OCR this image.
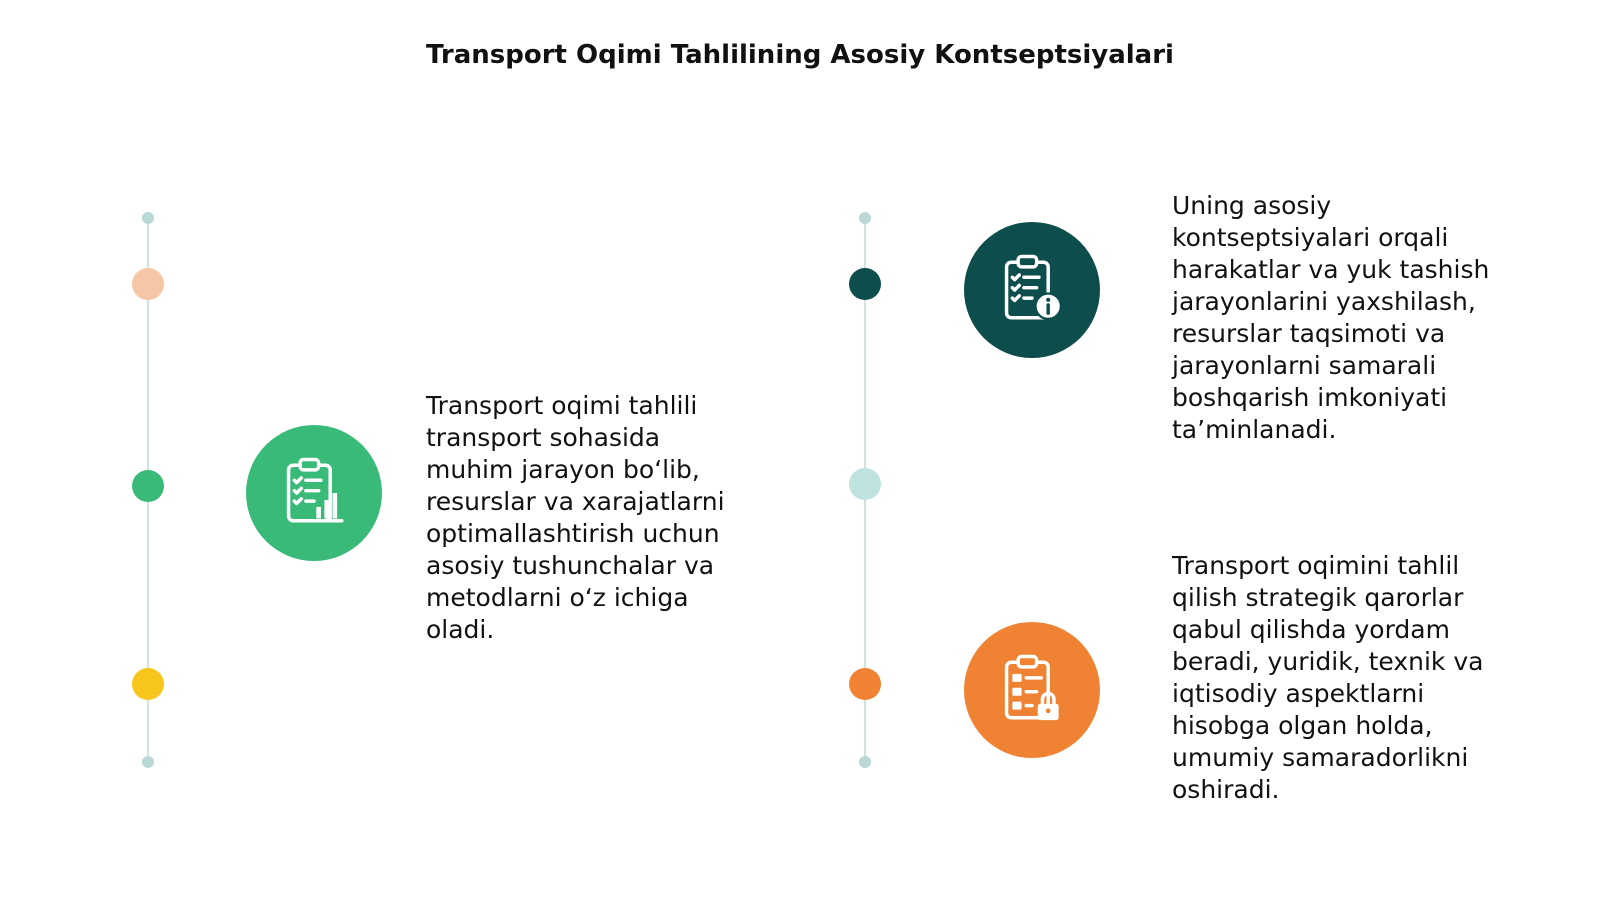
Transport Oqimi Tahlilining Asosiy Kontseptsiyalari
Transport oqimi tahlili
transport sohasida
muhim jarayon bo‘lib,
resurslar va xarajatlarni
optimallashtirish uchun
asosiy tushunchalar va
metodlarni o‘z ichiga
oladi.
Uning asosiy
kontseptsiyalari orqali
harakatlar va yuk tashish
jarayonlarini yaxshilash,
resurslar taqsimoti va
jarayonlarni samarali
boshqarish imkoniyati
ta’minlanadi.
Transport oqimini tahlil
qilish strategik qarorlar
qabul qilishda yordam
beradi, yuridik, texnik va
iqtisodiy aspektlarni
hisobga olgan holda,
umumiy samaradorlikni
oshiradi.
